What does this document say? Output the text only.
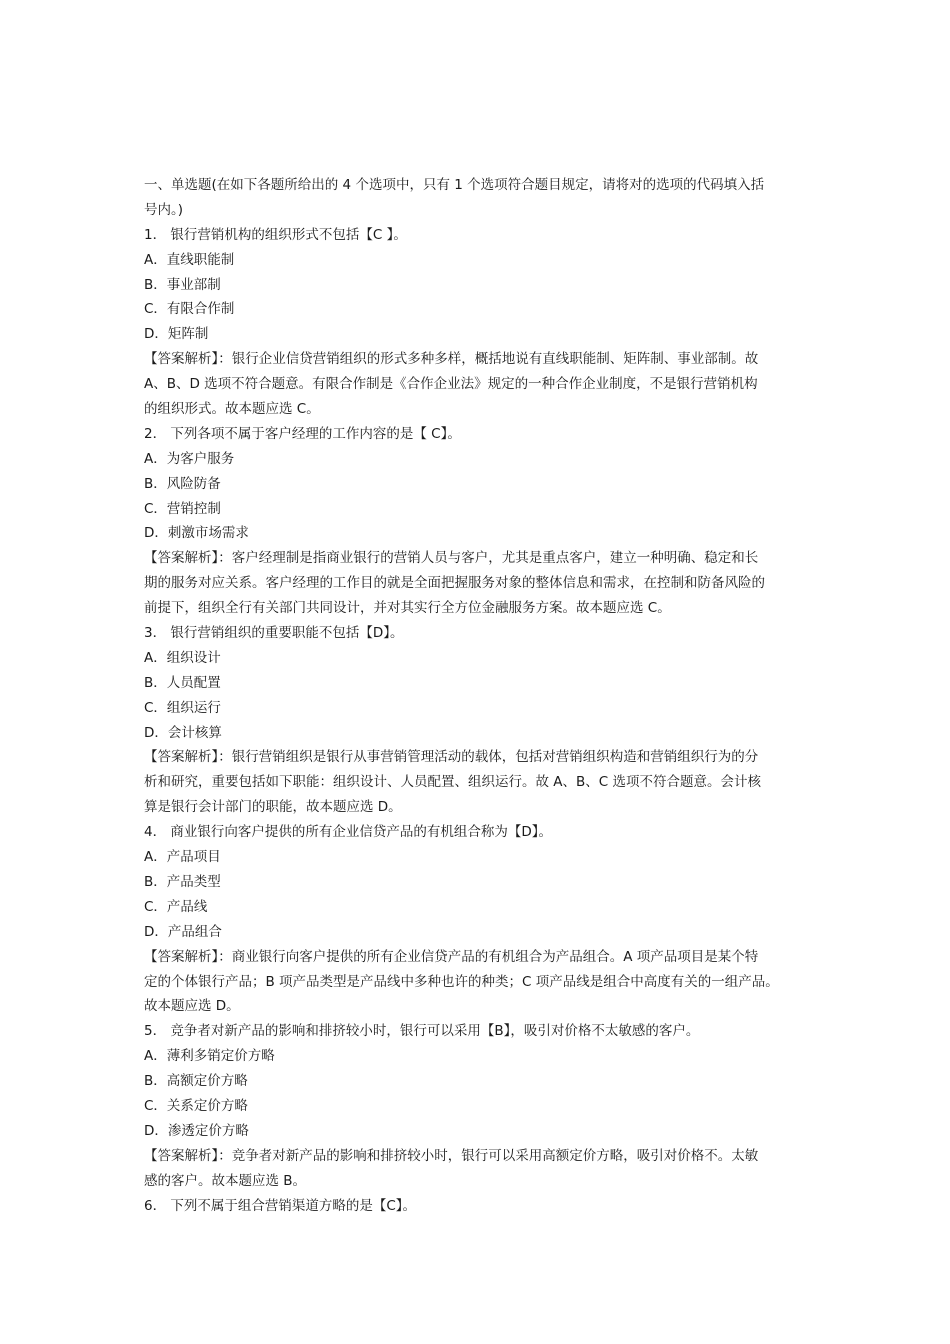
一、单选题(在如下各题所给出的 4 个选项中，只有 1 个选项符合题目规定，请将对的选项的代码填入括
号内。)
1． 银行营销机构的组织形式不包括【C 】。
A．直线职能制
B．事业部制
C．有限合作制
D．矩阵制
【答案解析】：银行企业信贷营销组织的形式多种多样，概括地说有直线职能制、矩阵制、事业部制。故
A、B、D 选项不符合题意。有限合作制是《合作企业法》规定的一种合作企业制度，不是银行营销机构
的组织形式。故本题应选 C。
2． 下列各项不属于客户经理的工作内容的是【 C】。
A．为客户服务
B．风险防备
C．营销控制
D．刺激市场需求
【答案解析】：客户经理制是指商业银行的营销人员与客户，尤其是重点客户，建立一种明确、稳定和长
期的服务对应关系。客户经理的工作目的就是全面把握服务对象的整体信息和需求，在控制和防备风险的
前提下，组织全行有关部门共同设计，并对其实行全方位金融服务方案。故本题应选 C。
3． 银行营销组织的重要职能不包括【D】。
A．组织设计
B．人员配置
C．组织运行
D．会计核算
【答案解析】：银行营销组织是银行从事营销管理活动的载体，包括对营销组织构造和营销组织行为的分
析和研究，重要包括如下职能：组织设计、人员配置、组织运行。故 A、B、C 选项不符合题意。会计核
算是银行会计部门的职能，故本题应选 D。
4． 商业银行向客户提供的所有企业信贷产品的有机组合称为【D】。
A．产品项目
B．产品类型
C．产品线
D．产品组合
【答案解析】：商业银行向客户提供的所有企业信贷产品的有机组合为产品组合。A 项产品项目是某个特
定的个体银行产品；B 项产品类型是产品线中多种也许的种类；C 项产品线是组合中高度有关的一组产品。
故本题应选 D。
5． 竞争者对新产品的影响和排挤较小时，银行可以采用【B】，吸引对价格不太敏感的客户。
A．薄利多销定价方略
B．高额定价方略
C．关系定价方略
D．渗透定价方略
【答案解析】：竞争者对新产品的影响和排挤较小时，银行可以采用高额定价方略，吸引对价格不。太敏
感的客户。故本题应选 B。
6． 下列不属于组合营销渠道方略的是【C】。
